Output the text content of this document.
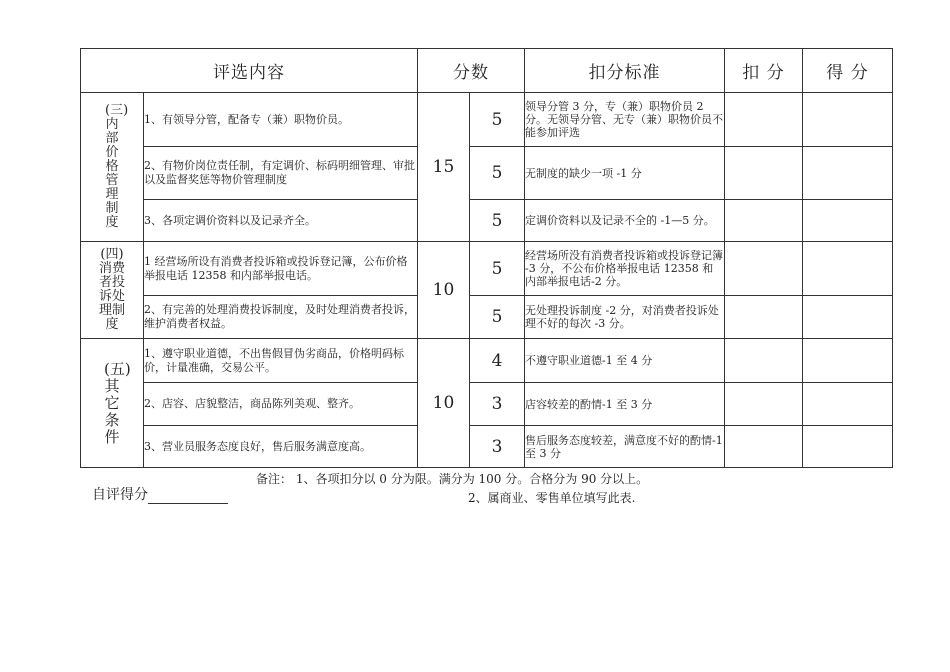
评选内容		分数		扣分标准	扣 分	得 分
(三) 内部价格管理制度	1、有领导分管，配备专（兼）职物价员。	15	5	领导分管 3 分，专（兼）职物价员 2 分。无领导分管、无专（兼）职物价员不能参加评选		
	2、有物价岗位责任制，有定调价、标码明细管理、审批以及监督奖惩等物价管理制度		5	无制度的缺少一项 -1 分		
	3、各项定调价资料以及记录齐全。		5	定调价资料以及记录不全的 -1—5 分。		
(四) 消费者投诉处理制度	1 经营场所设有消费者投诉箱或投诉登记簿，公布价格举报电话 12358 和内部举报电话。	10	5	经营场所没有消费者投诉箱或投诉登记簿 -3 分，不公布价格举报电话 12358 和内部举报电话-2 分。		
	2、有完善的处理消费投诉制度，及时处理消费者投诉，维护消费者权益。		5	无处理投诉制度 -2 分，对消费者投诉处理不好的每次 -3 分。		
(五) 其它条件	1、遵守职业道德，不出售假冒伪劣商品，价格明码标价，计量准确，交易公平。	10	4	不遵守职业道德-1 至 4 分		
	2、店容、店貌整洁，商品陈列美观、整齐。		3	店容较差的酌情-1 至 3 分		
	3、营业员服务态度良好，售后服务满意度高。		3	售后服务态度较差，满意度不好的酌情-1 至 3 分		
备注： 1、各项扣分以 0 分为限。满分为 100 分。合格分为 90 分以上。
自评得分	2、属商业、零售单位填写此表.
